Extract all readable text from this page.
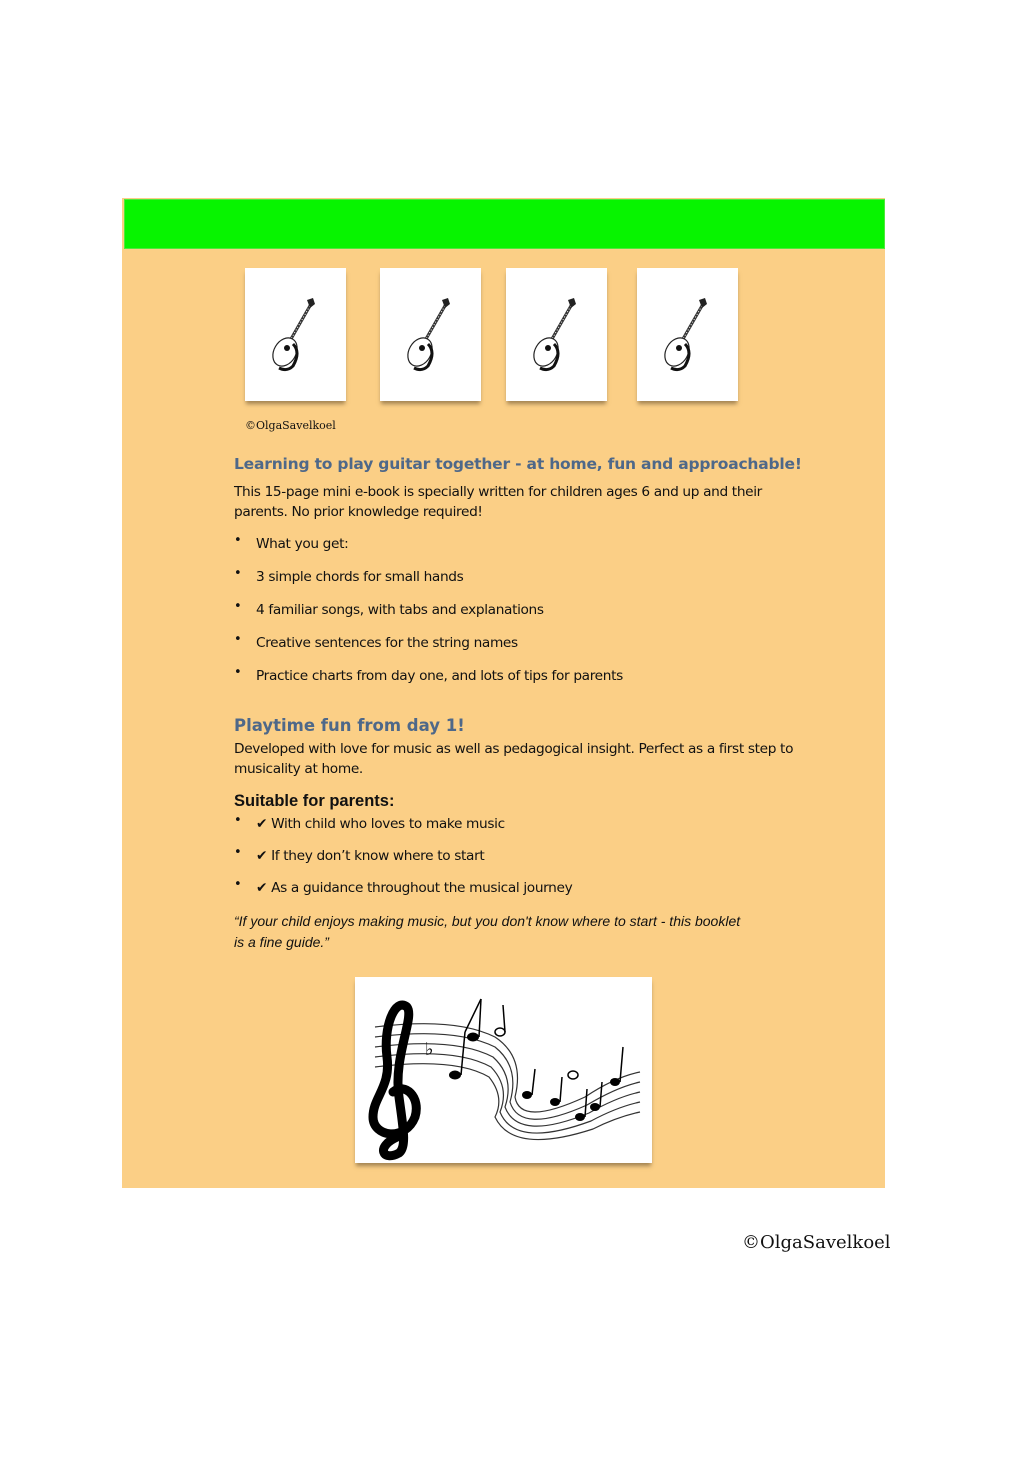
©OlgaSavelkoel
Learning to play guitar together - at home, fun and approachable!
This 15-page mini e-book is specially written for children ages 6 and up and their parents. No prior knowledge required!
• What you get:
• 3 simple chords for small hands
• 4 familiar songs, with tabs and explanations
• Creative sentences for the string names
• Practice charts from day one, and lots of tips for parents
Playtime fun from day 1!
Developed with love for music as well as pedagogical insight. Perfect as a first step to musicality at home.
Suitable for parents:
• ✔ With child who loves to make music
• ✔ If they don’t know where to start
• ✔ As a guidance throughout the musical journey
“If your child enjoys making music, but you don't know where to start - this booklet is a fine guide.”
♭
©OlgaSavelkoel
